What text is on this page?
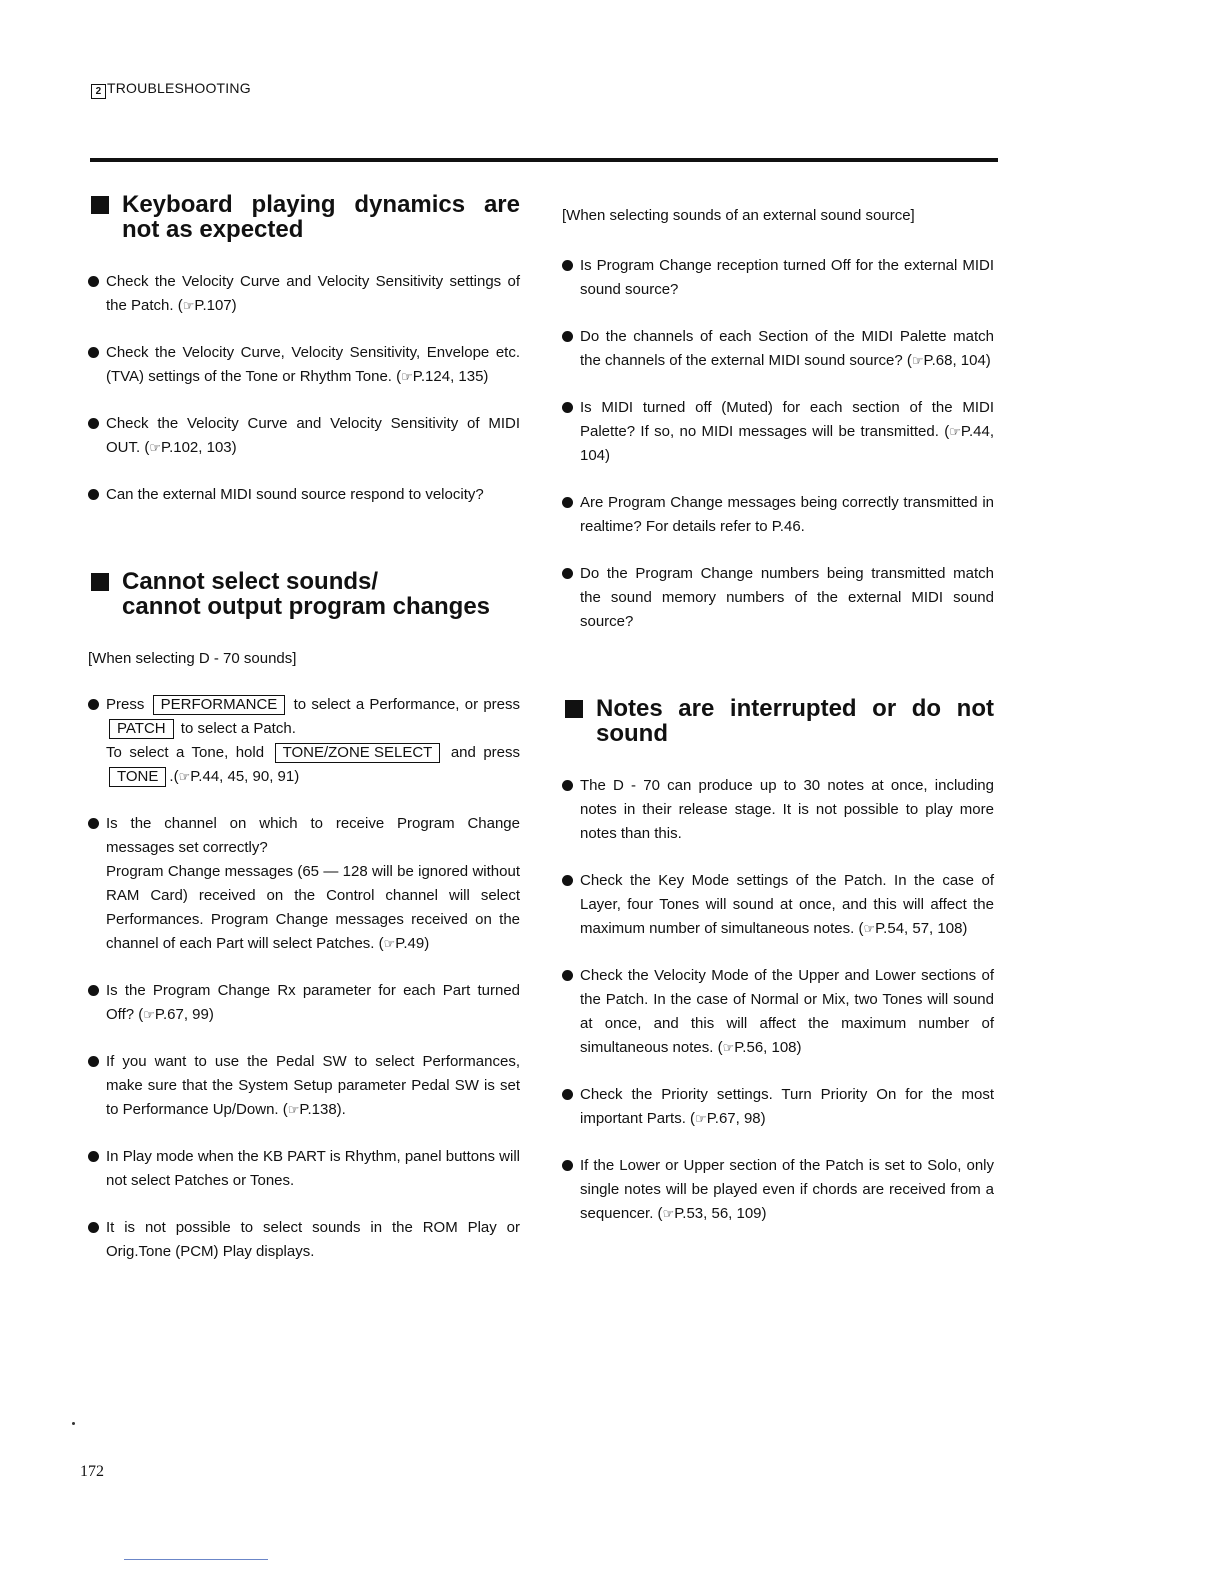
2 TROUBLESHOOTING
Keyboard playing dynamics are not as expected
Check the Velocity Curve and Velocity Sensitivity settings of the Patch. (☞P.107)
Check the Velocity Curve, Velocity Sensitivity, Envelope etc. (TVA) settings of the Tone or Rhythm Tone. (☞P.124, 135)
Check the Velocity Curve and Velocity Sensitivity of MIDI OUT. (☞P.102, 103)
Can the external MIDI sound source respond to velocity?
Cannot select sounds/
cannot output program changes
[When selecting D - 70 sounds]

Press PERFORMANCE to select a Performance, or press PATCH to select a Patch.

To select a Tone, hold TONE/ZONE SELECT and press TONE .(☞P.44, 45, 90, 91)

Is the channel on which to receive Program Change messages set correctly?

Program Change messages (65 — 128 will be ignored without RAM Card) received on the Control channel will select Performances. Program Change messages received on the channel of each Part will select Patches. (☞P.49)

Is the Program Change Rx parameter for each Part turned Off? (☞P.67, 99)
If you want to use the Pedal SW to select Performances, make sure that the System Setup parameter Pedal SW is set to Performance Up/Down. (☞P.138).
In Play mode when the KB PART is Rhythm, panel buttons will not select Patches or Tones.
It is not possible to select sounds in the ROM Play or Orig.Tone (PCM) Play displays.
[When selecting sounds of an external sound source]
Is Program Change reception turned Off for the external MIDI sound source?
Do the channels of each Section of the MIDI Palette match the channels of the external MIDI sound source? (☞P.68, 104)
Is MIDI turned off (Muted) for each section of the MIDI Palette? If so, no MIDI messages will be transmitted. (☞P.44, 104)
Are Program Change messages being correctly transmitted in realtime? For details refer to P.46.
Do the Program Change numbers being transmitted match the sound memory numbers of the external MIDI sound source?
Notes are interrupted or do not sound
The D - 70 can produce up to 30 notes at once, including notes in their release stage. It is not possible to play more notes than this.
Check the Key Mode settings of the Patch. In the case of Layer, four Tones will sound at once, and this will affect the maximum number of simultaneous notes. (☞P.54, 57, 108)
Check the Velocity Mode of the Upper and Lower sections of the Patch. In the case of Normal or Mix, two Tones will sound at once, and this will affect the maximum number of simultaneous notes. (☞P.56, 108)
Check the Priority settings. Turn Priority On for the most important Parts. (☞P.67, 98)
If the Lower or Upper section of the Patch is set to Solo, only single notes will be played even if chords are received from a sequencer. (☞P.53, 56, 109)
172
